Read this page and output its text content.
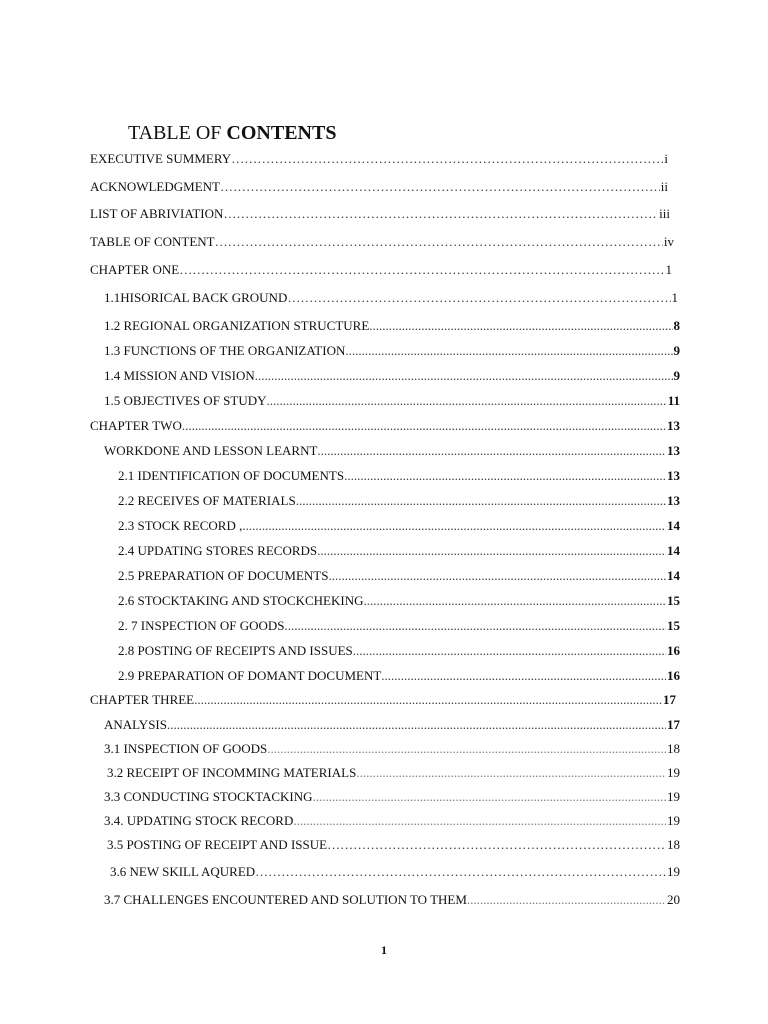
TABLE OF CONTENTS
EXECUTIVE SUMMERY ……………………………………………………………………………………………………………………………………………………	i
ACKNOWLEDGMENT ……………………………………………………………………………………………………………………………………………………	ii
LIST OF ABRIVIATION ……………………………………………………………………………………………………………………………………………………	iii
TABLE OF CONTENT ……………………………………………………………………………………………………………………………………………………	iv
CHAPTER ONE ……………………………………………………………………………………………………………………………………………………	1
1.1HISORICAL BACK GROUND ……………………………………………………………………………………………………………………………………………………	1
1.2 REGIONAL ORGANIZATION STRUCTURE .....	8
1.3 FUNCTIONS OF THE ORGANIZATION .....	9
1.4 MISSION AND VISION .....	9
1.5 OBJECTIVES OF STUDY .....	11
CHAPTER TWO .....	13
WORKDONE AND LESSON LEARNT .....	13
2.1 IDENTIFICATION OF DOCUMENTS .....	13
2.2 RECEIVES OF MATERIALS .....	13
2.3 STOCK RECORD , .....	14
2.4 UPDATING STORES RECORDS .....	14
2.5 PREPARATION OF DOCUMENTS .....	14
2.6 STOCKTAKING AND STOCKCHEKING .....	15
2. 7 INSPECTION OF GOODS .....	15
2.8 POSTING OF RECEIPTS AND ISSUES .....	16
2.9 PREPARATION OF DOMANT DOCUMENT .....	16
CHAPTER THREE .....	17
ANALYSIS .....	17
3.1 INSPECTION OF GOODS .....	18
3.2 RECEIPT OF INCOMMING MATERIALS .....	19
3.3 CONDUCTING STOCKTACKING .....	19
3.4. UPDATING STOCK RECORD .....	19
3.5 POSTING OF RECEIPT AND ISSUE ……………………………………………………………………………………………………………………………………………………	18
3.6 NEW SKILL AQURED ……………………………………………………………………………………………………………………………………………………	19
3.7 CHALLENGES ENCOUNTERED AND SOLUTION TO THEM .....	20
1
